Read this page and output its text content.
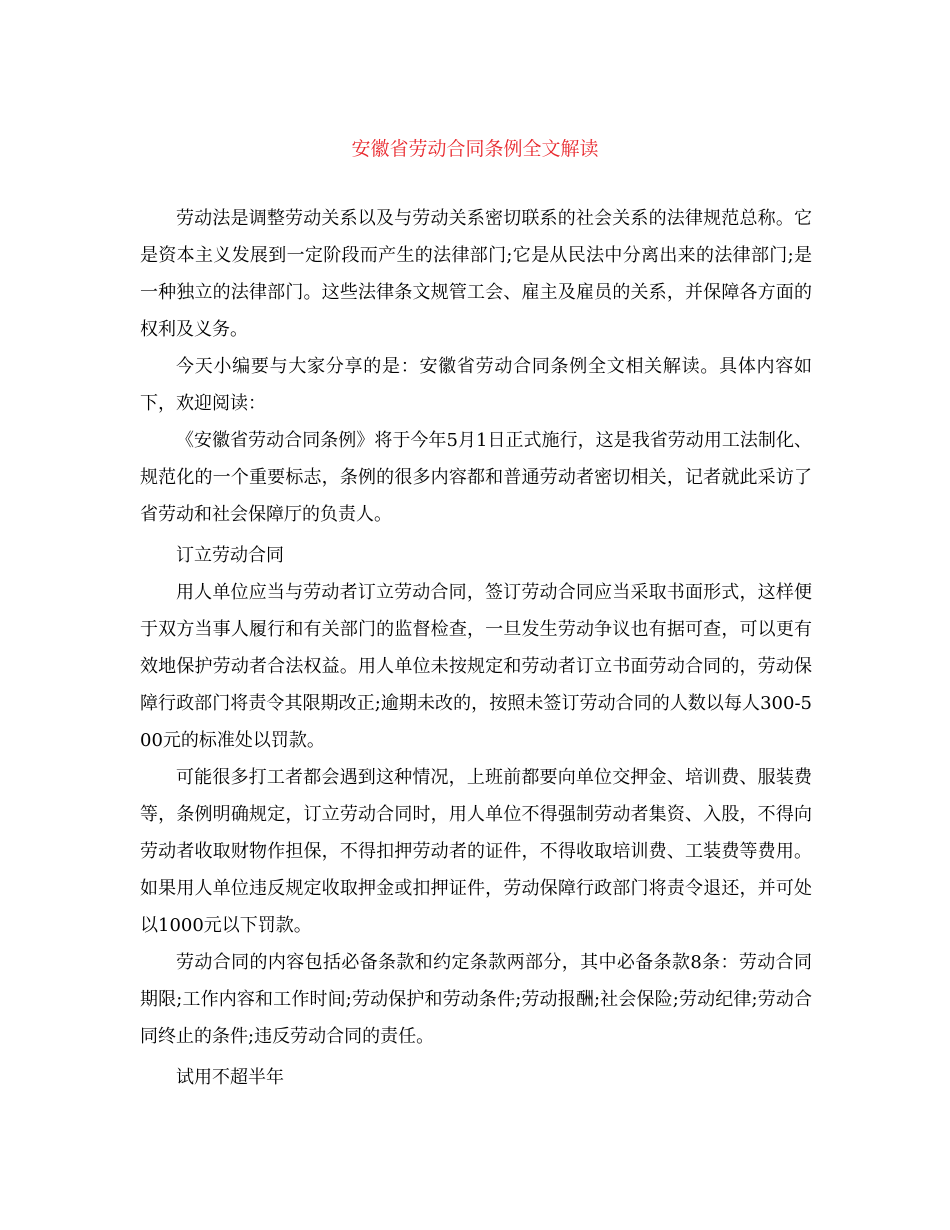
安徽省劳动合同条例全文解读

劳动法是调整劳动关系以及与劳动关系密切联系的社会关系的法律规范总称。它是资本主义发展到一定阶段而产生的法律部门;它是从民法中分离出来的法律部门;是一种独立的法律部门。这些法律条文规管工会、雇主及雇员的关系，并保障各方面的权利及义务。

今天小编要与大家分享的是：安徽省劳动合同条例全文相关解读。具体内容如下，欢迎阅读：

《安徽省劳动合同条例》将于今年5月1日正式施行，这是我省劳动用工法制化、规范化的一个重要标志，条例的很多内容都和普通劳动者密切相关，记者就此采访了省劳动和社会保障厅的负责人。

订立劳动合同

用人单位应当与劳动者订立劳动合同，签订劳动合同应当采取书面形式，这样便于双方当事人履行和有关部门的监督检查，一旦发生劳动争议也有据可查，可以更有效地保护劳动者合法权益。用人单位未按规定和劳动者订立书面劳动合同的，劳动保障行政部门将责令其限期改正;逾期未改的，按照未签订劳动合同的人数以每人300-500元的标准处以罚款。

可能很多打工者都会遇到这种情况，上班前都要向单位交押金、培训费、服装费等，条例明确规定，订立劳动合同时，用人单位不得强制劳动者集资、入股，不得向劳动者收取财物作担保，不得扣押劳动者的证件，不得收取培训费、工装费等费用。如果用人单位违反规定收取押金或扣押证件，劳动保障行政部门将责令退还，并可处以1000元以下罚款。

劳动合同的内容包括必备条款和约定条款两部分，其中必备条款8条：劳动合同期限;工作内容和工作时间;劳动保护和劳动条件;劳动报酬;社会保险;劳动纪律;劳动合同终止的条件;违反劳动合同的责任。

试用不超半年
